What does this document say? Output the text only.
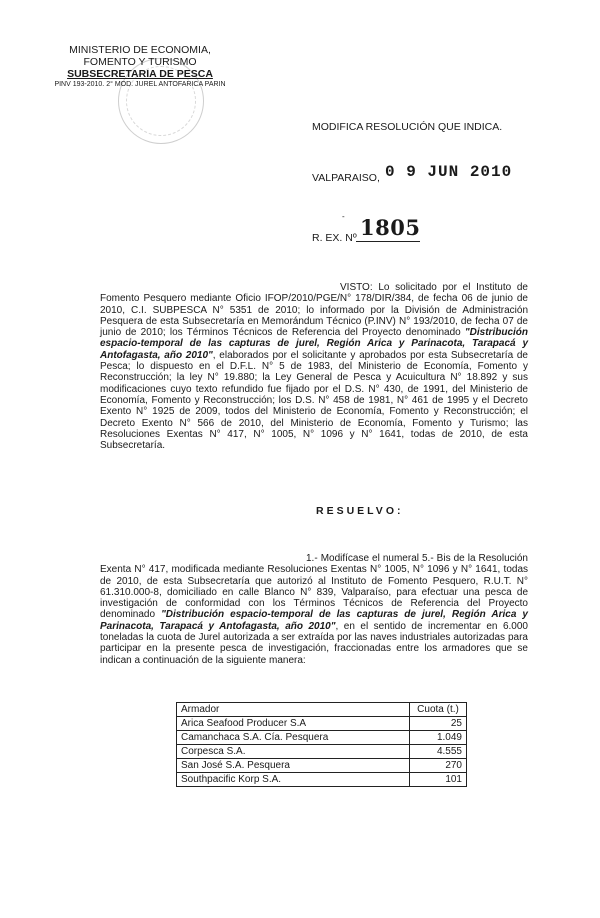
MINISTERIO DE ECONOMIA,
FOMENTO Y TURISMO
SUBSECRETARIA DE PESCA
PINV 193-2010. 2° MOD. JUREL ANTOFARICA PARIN
MODIFICA RESOLUCIÓN QUE INDICA.
VALPARAISO, 0 9 JUN 2010
-
R. EX. Nº 1805
VISTO: Lo solicitado por el Instituto de Fomento Pesquero mediante Oficio IFOP/2010/PGE/N° 178/DIR/384, de fecha 06 de junio de 2010, C.I. SUBPESCA N° 5351 de 2010; lo informado por la División de Administración Pesquera de esta Subsecretaría en Memorándum Técnico (P.INV) N° 193/2010, de fecha 07 de junio de 2010; los Términos Técnicos de Referencia del Proyecto denominado "Distribución espacio-temporal de las capturas de jurel, Región Arica y Parinacota, Tarapacá y Antofagasta, año 2010", elaborados por el solicitante y aprobados por esta Subsecretaría de Pesca; lo dispuesto en el D.F.L. N° 5 de 1983, del Ministerio de Economía, Fomento y Reconstrucción; la ley N° 19.880; la Ley General de Pesca y Acuicultura N° 18.892 y sus modificaciones cuyo texto refundido fue fijado por el D.S. N° 430, de 1991, del Ministerio de Economía, Fomento y Reconstrucción; los D.S. N° 458 de 1981, N° 461 de 1995 y el Decreto Exento N° 1925 de 2009, todos del Ministerio de Economía, Fomento y Reconstrucción; el Decreto Exento N° 566 de 2010, del Ministerio de Economía, Fomento y Turismo; las Resoluciones Exentas N° 417, N° 1005, N° 1096 y N° 1641, todas de 2010, de esta Subsecretaría.
RESUELVO:
1.- Modifícase el numeral 5.- Bis de la Resolución Exenta N° 417, modificada mediante Resoluciones Exentas N° 1005, N° 1096 y N° 1641, todas de 2010, de esta Subsecretaría que autorizó al Instituto de Fomento Pesquero, R.U.T. N° 61.310.000-8, domiciliado en calle Blanco N° 839, Valparaíso, para efectuar una pesca de investigación de conformidad con los Términos Técnicos de Referencia del Proyecto denominado "Distribución espacio-temporal de las capturas de jurel, Región Arica y Parinacota, Tarapacá y Antofagasta, año 2010", en el sentido de incrementar en 6.000 toneladas la cuota de Jurel autorizada a ser extraída por las naves industriales autorizadas para participar en la presente pesca de investigación, fraccionadas entre los armadores que se indican a continuación de la siguiente manera:
Armador	Cuota (t.)
Arica Seafood Producer S.A	25
Camanchaca S.A. Cía. Pesquera	1.049
Corpesca S.A.	4.555
San José S.A. Pesquera	270
Southpacific Korp S.A.	101
